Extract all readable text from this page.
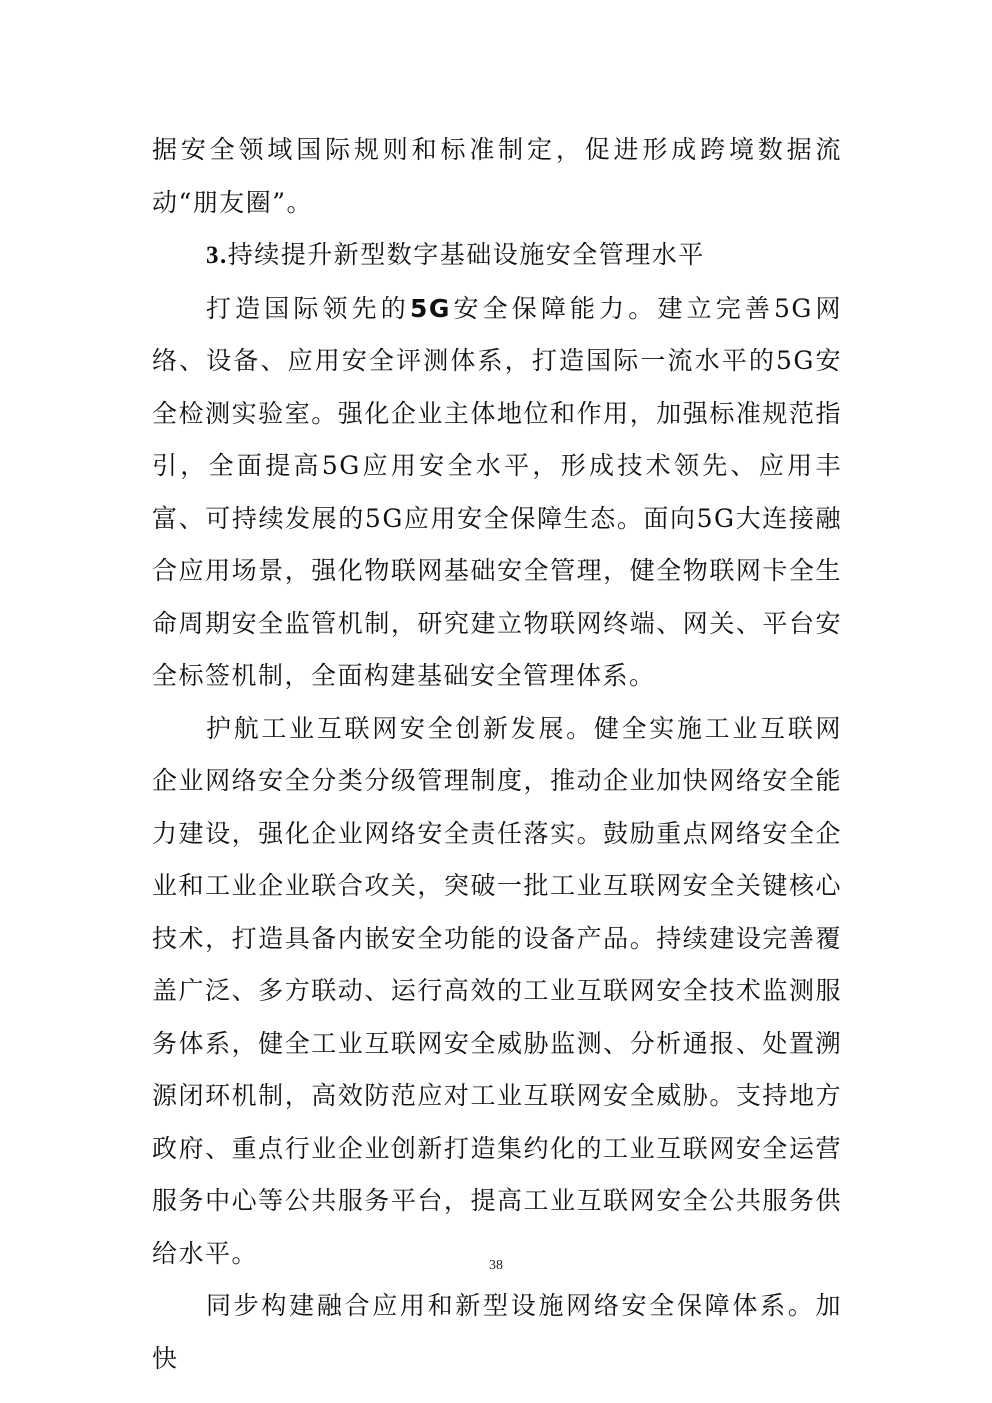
据安全领域国际规则和标准制定，促进形成跨境数据流动“朋友圈”。

3.持续提升新型数字基础设施安全管理水平

打造国际领先的5G安全保障能力。建立完善5G网络、设备、应用安全评测体系，打造国际一流水平的5G安全检测实验室。强化企业主体地位和作用，加强标准规范指引，全面提高5G应用安全水平，形成技术领先、应用丰富、可持续发展的5G应用安全保障生态。面向5G大连接融合应用场景，强化物联网基础安全管理，健全物联网卡全生命周期安全监管机制，研究建立物联网终端、网关、平台安全标签机制，全面构建基础安全管理体系。

护航工业互联网安全创新发展。健全实施工业互联网企业网络安全分类分级管理制度，推动企业加快网络安全能力建设，强化企业网络安全责任落实。鼓励重点网络安全企业和工业企业联合攻关，突破一批工业互联网安全关键核心技术，打造具备内嵌安全功能的设备产品。持续建设完善覆盖广泛、多方联动、运行高效的工业互联网安全技术监测服务体系，健全工业互联网安全威胁监测、分析通报、处置溯源闭环机制，高效防范应对工业互联网安全威胁。支持地方政府、重点行业企业创新打造集约化的工业互联网安全运营服务中心等公共服务平台，提高工业互联网安全公共服务供给水平。

同步构建融合应用和新型设施网络安全保障体系。加快

38
